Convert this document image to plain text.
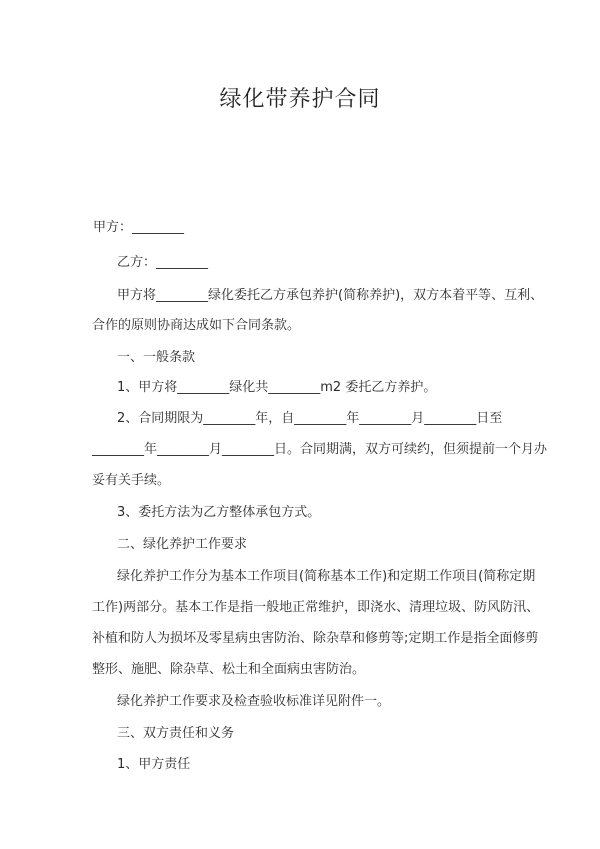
绿化带养护合同
甲方：________
乙方：________
甲方将________绿化委托乙方承包养护(简称养护)，双方本着平等、互利、
合作的原则协商达成如下合同条款。
一、一般条款
1、甲方将________绿化共________m2 委托乙方养护。
2、合同期限为________年，自________年________月________日至
________年________月________日。合同期满，双方可续约，但须提前一个月办
妥有关手续。
3、委托方法为乙方整体承包方式。
二、绿化养护工作要求
绿化养护工作分为基本工作项目(简称基本工作)和定期工作项目(简称定期
工作)两部分。基本工作是指一般地正常维护，即浇水、清理垃圾、防风防汛、
补植和防人为损坏及零星病虫害防治、除杂草和修剪等;定期工作是指全面修剪
整形、施肥、除杂草、松土和全面病虫害防治。
绿化养护工作要求及检查验收标准详见附件一。
三、双方责任和义务
1、甲方责任
